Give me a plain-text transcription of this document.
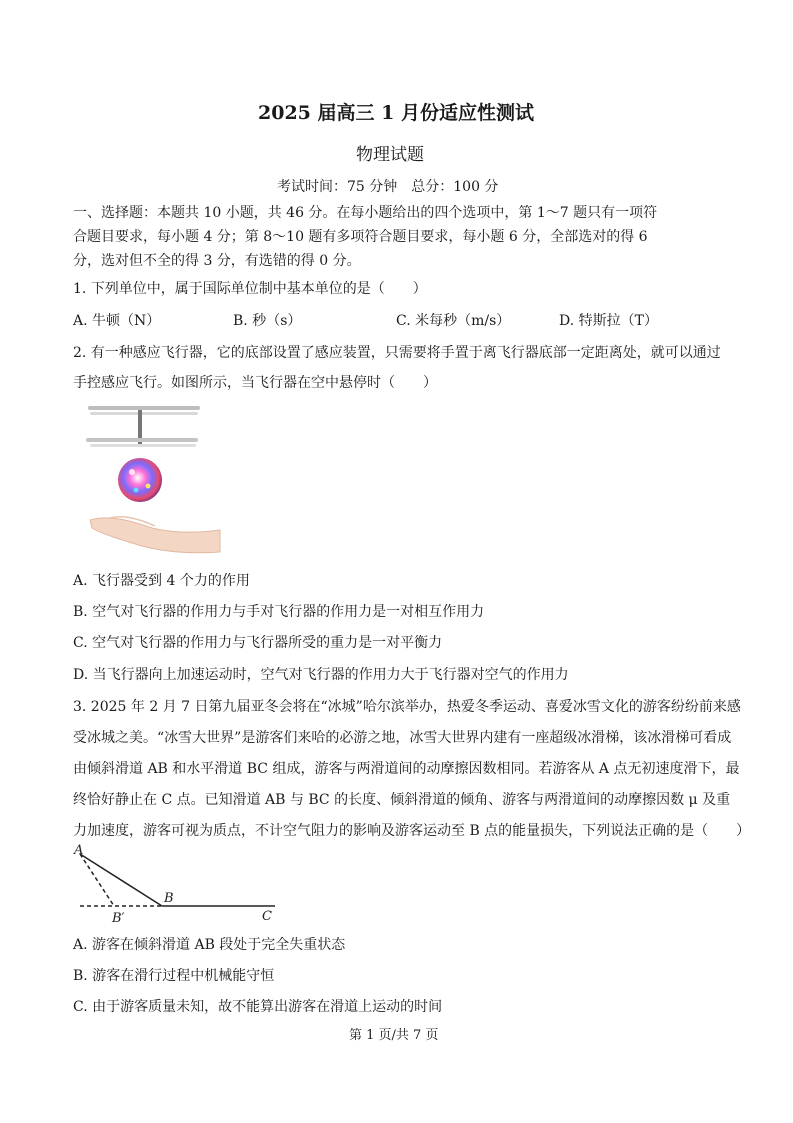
2025 届高三 1 月份适应性测试
物理试题
考试时间：75 分钟　总分：100 分
一、选择题：本题共 10 小题，共 46 分。在每小题给出的四个选项中，第 1～7 题只有一项符
合题目要求，每小题 4 分；第 8～10 题有多项符合题目要求，每小题 6 分，全部选对的得 6
分，选对但不全的得 3 分，有选错的得 0 分。
1. 下列单位中，属于国际单位制中基本单位的是（　　）
A. 牛顿（N）	B. 秒（s）	C. 米每秒（m/s）	D. 特斯拉（T）
2. 有一种感应飞行器，它的底部设置了感应装置，只需要将手置于离飞行器底部一定距离处，就可以通过
手控感应飞行。如图所示，当飞行器在空中悬停时（　　）
A. 飞行器受到 4 个力的作用
B. 空气对飞行器的作用力与手对飞行器的作用力是一对相互作用力
C. 空气对飞行器的作用力与飞行器所受的重力是一对平衡力
D. 当飞行器向上加速运动时，空气对飞行器的作用力大于飞行器对空气的作用力
3. 2025 年 2 月 7 日第九届亚冬会将在“冰城”哈尔滨举办，热爱冬季运动、喜爱冰雪文化的游客纷纷前来感
受冰城之美。“冰雪大世界”是游客们来哈的必游之地，冰雪大世界内建有一座超级冰滑梯，该冰滑梯可看成
由倾斜滑道 AB 和水平滑道 BC 组成，游客与两滑道间的动摩擦因数相同。若游客从 A 点无初速度滑下，最
终恰好静止在 C 点。已知滑道 AB 与 BC 的长度、倾斜滑道的倾角、游客与两滑道间的动摩擦因数 μ 及重
力加速度，游客可视为质点，不计空气阻力的影响及游客运动至 B 点的能量损失，下列说法正确的是（　　）
A
B
B′	C
A. 游客在倾斜滑道 AB 段处于完全失重状态
B. 游客在滑行过程中机械能守恒
C. 由于游客质量未知，故不能算出游客在滑道上运动的时间
第 1 页/共 7 页
